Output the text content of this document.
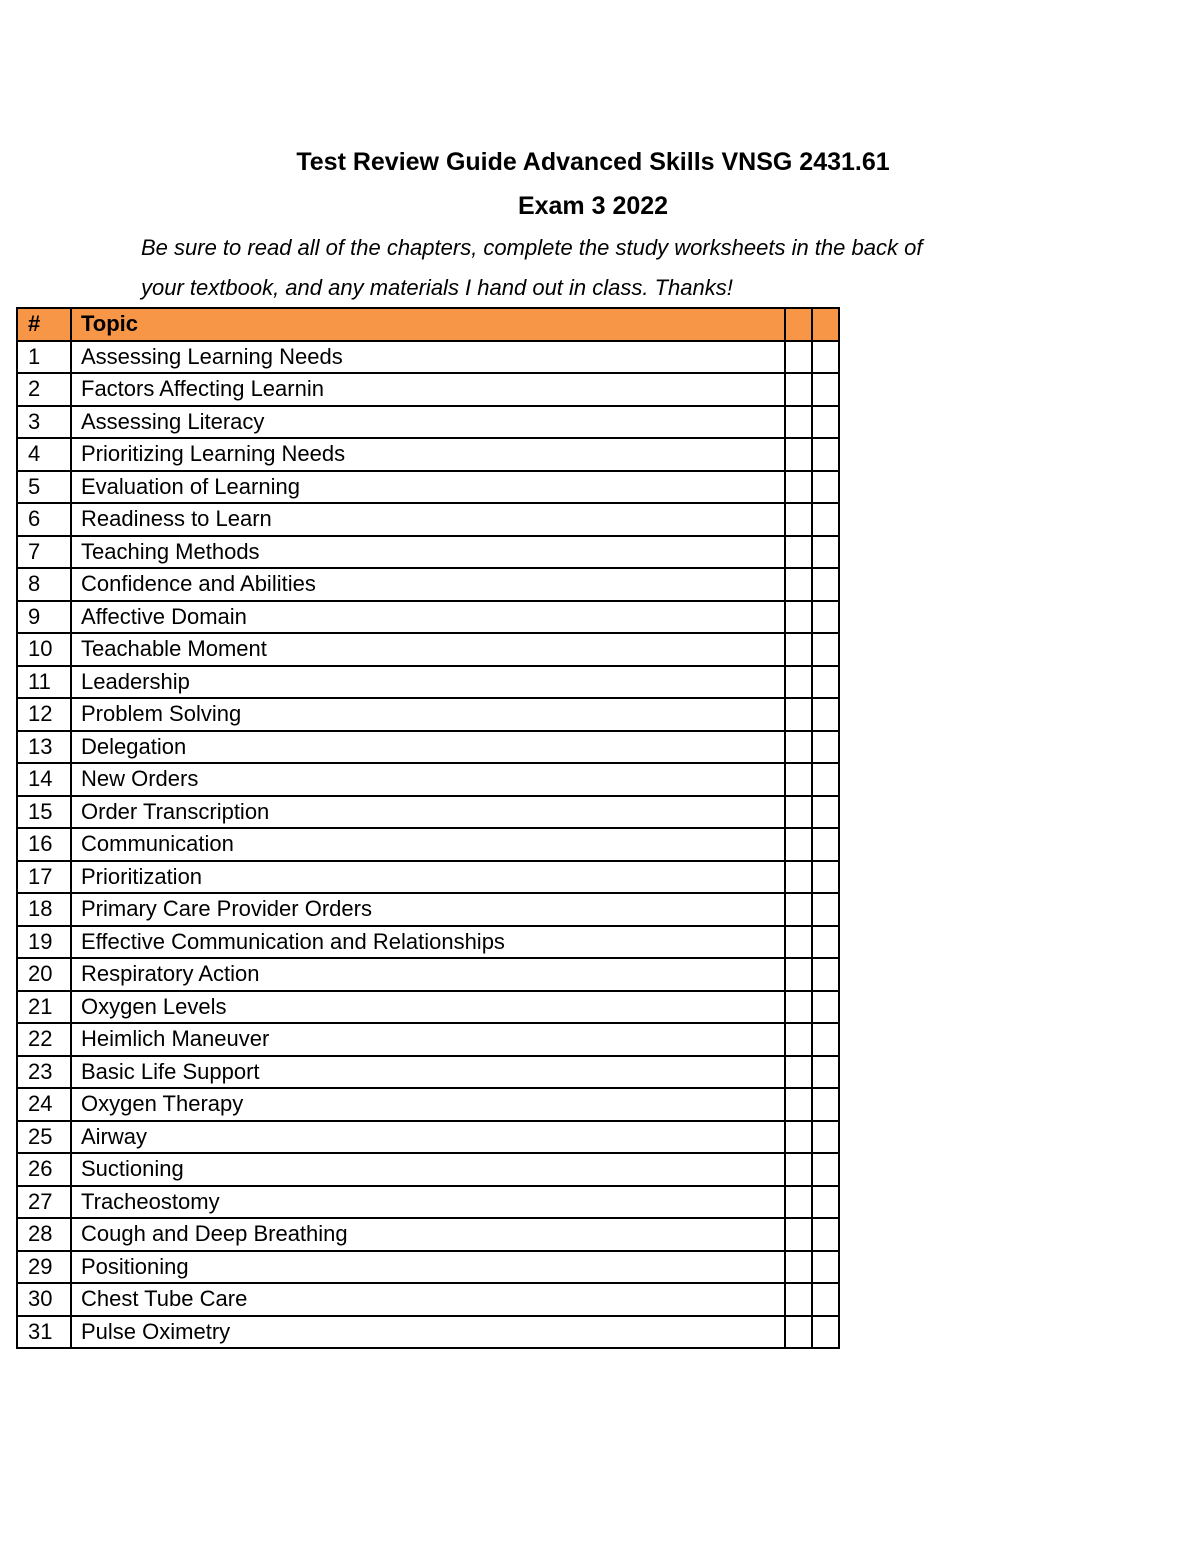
Test Review Guide Advanced Skills VNSG 2431.61
Exam 3 2022

Be sure to read all of the chapters, complete the study worksheets in the back of

your textbook, and any materials I hand out in class. Thanks!

#	Topic		
1	Assessing Learning Needs		
2	Factors Affecting Learnin		
3	Assessing Literacy		
4	Prioritizing Learning Needs		
5	Evaluation of Learning		
6	Readiness to Learn		
7	Teaching Methods		
8	Confidence and Abilities		
9	Affective Domain		
10	Teachable Moment		
11	Leadership		
12	Problem Solving		
13	Delegation		
14	New Orders		
15	Order Transcription		
16	Communication		
17	Prioritization		
18	Primary Care Provider Orders		
19	Effective Communication and Relationships		
20	Respiratory Action		
21	Oxygen Levels		
22	Heimlich Maneuver		
23	Basic Life Support		
24	Oxygen Therapy		
25	Airway		
26	Suctioning		
27	Tracheostomy		
28	Cough and Deep Breathing		
29	Positioning		
30	Chest Tube Care		
31	Pulse Oximetry		
